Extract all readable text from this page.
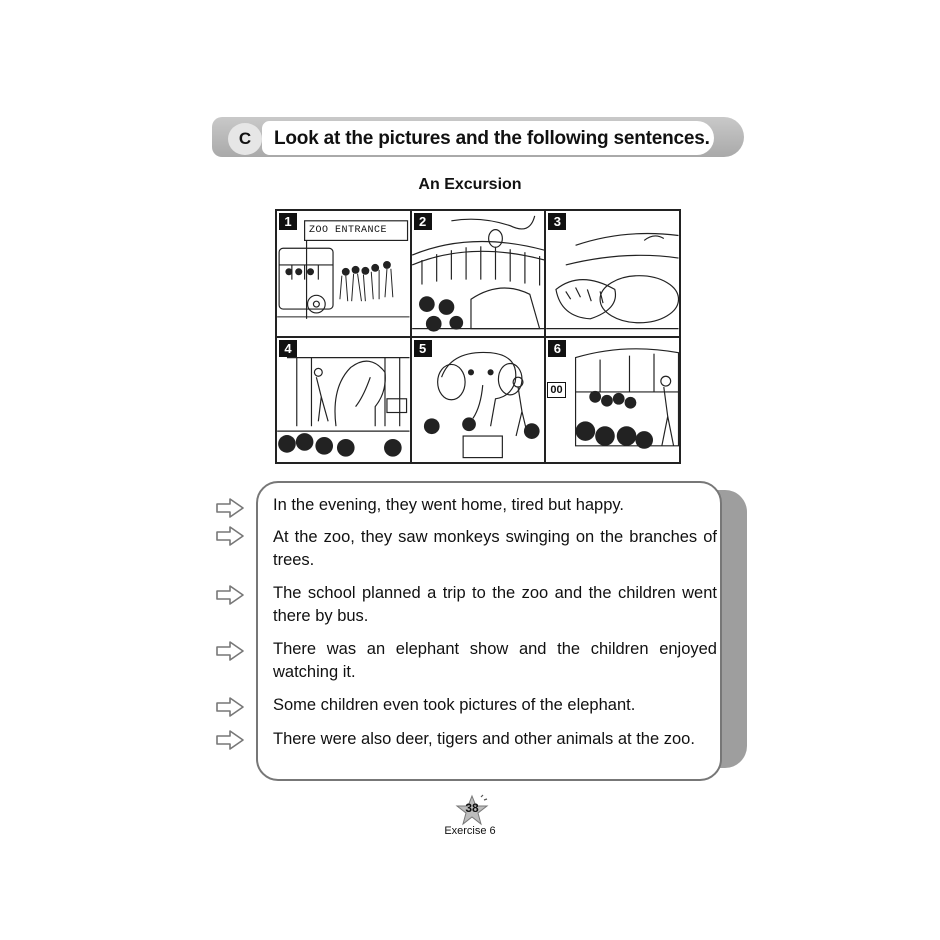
C	Look at the pictures and the following sentences.
An Excursion
1
ZOO ENTRANCE
2	3
4	5	6
00
In the evening, they went home, tired but happy.
At the zoo, they saw monkeys swinging on the branches of trees.
The school planned a trip to the zoo and the children went there by bus.
There was an elephant show and the children enjoyed watching it.
Some children even took pictures of the elephant.
There were also deer, tigers and other animals at the zoo.
38
Exercise 6
